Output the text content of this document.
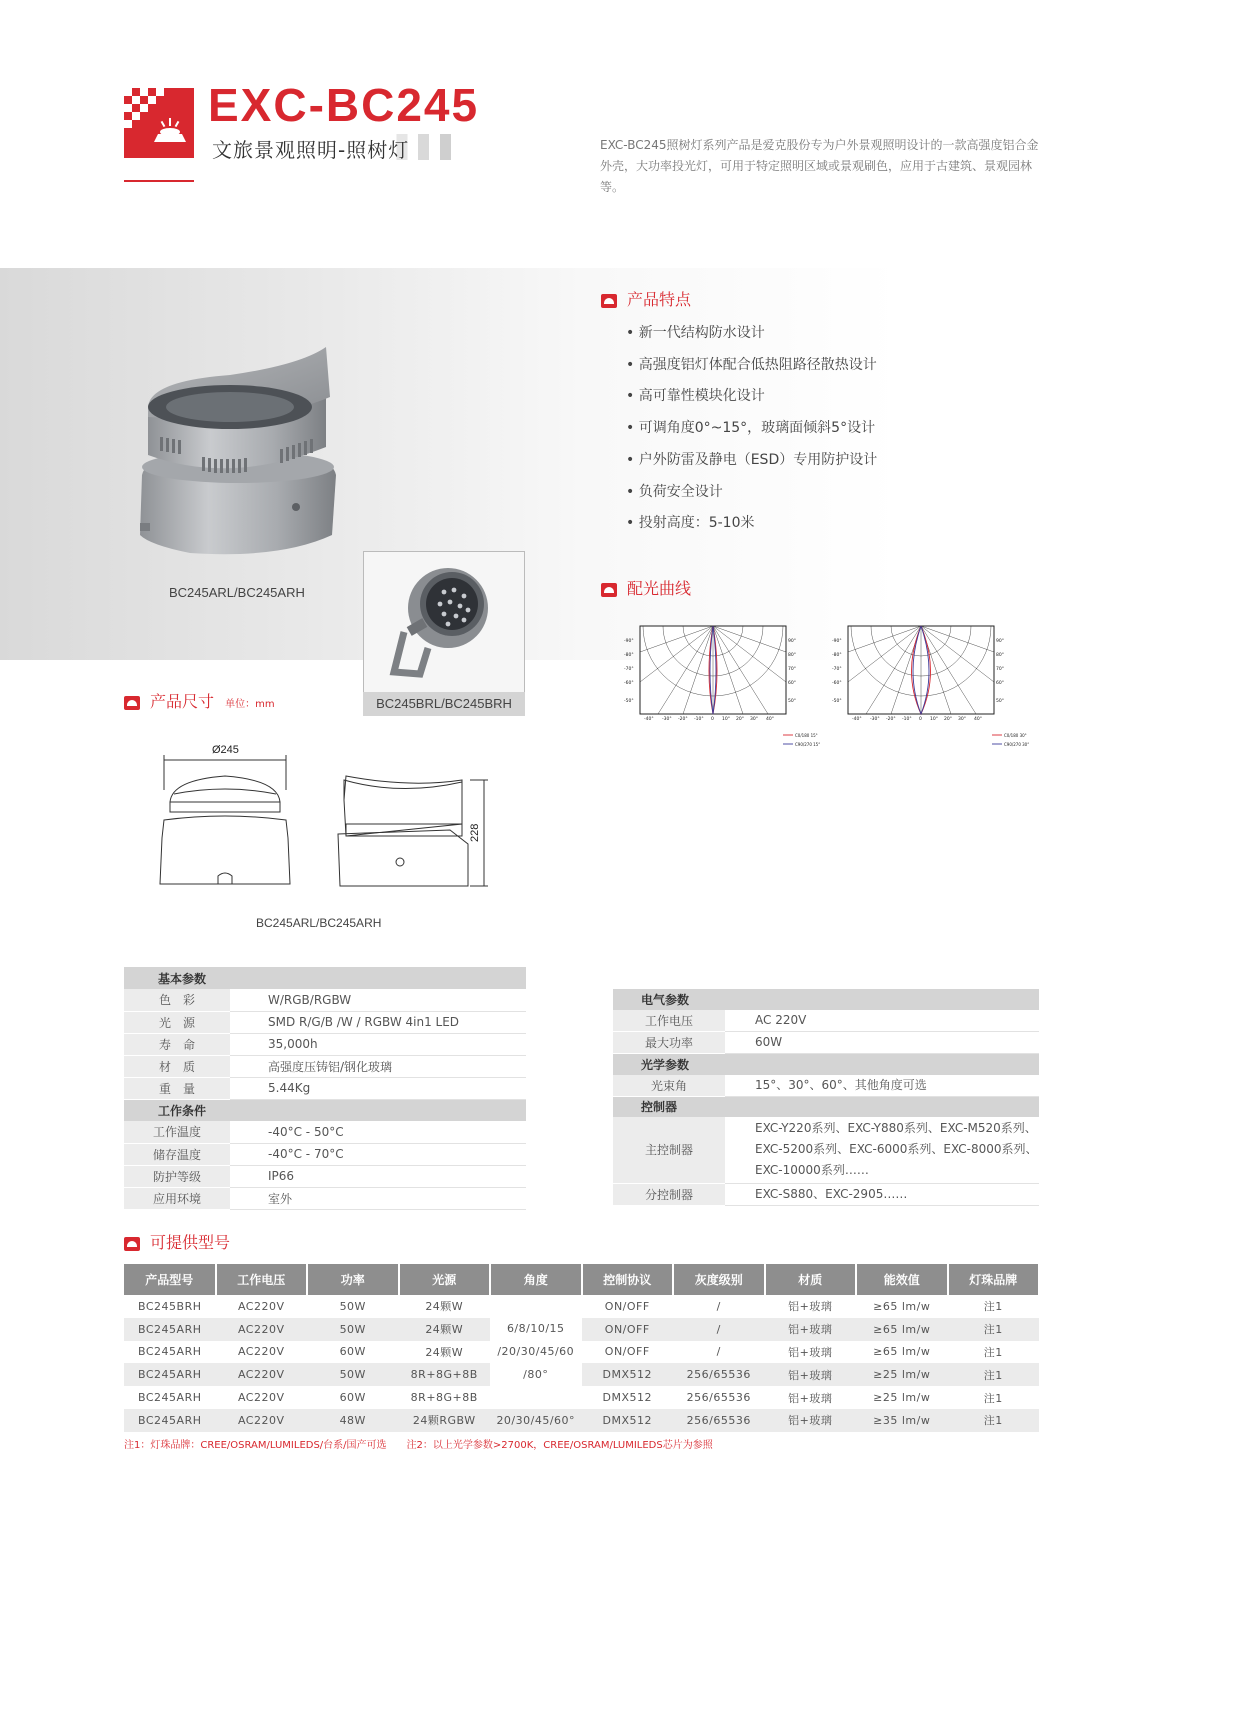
EXC-BC245
文旅景观照明-照树灯	EXC-BC245照树灯系列产品是爱克股份专为户外景观照明设计的一款高强度铝合金外壳，大功率投光灯，可用于特定照明区域或景观刷色，应用于古建筑、景观园林等。
BC245ARL/BC245ARH
BC245BRL/BC245BRH
产品特点
• 新一代结构防水设计
• 高强度铝灯体配合低热阻路径散热设计
• 高可靠性模块化设计
• 可调角度0°~15°，玻璃面倾斜5°设计
• 户外防雷及静电（ESD）专用防护设计
• 负荷安全设计
• 投射高度：5-10米
配光曲线
-90°
-80°
-70°
-60°
-50°
90°
80°
70°
60°
50°
-40° -30° -20° -10° 0 10° 20° 30° 40°
C0/180 15°
C90/270 15°
-90°
-80°
-70°
-60°
-50°
90°
80°
70°
60°
50°
-40° -30° -20° -10° 0 10° 20° 30° 40°
C0/180 30°
C90/270 30°
产品尺寸 单位：mm
Ø245
228
BC245ARL/BC245ARH
基本参数	
色　彩	W/RGB/RGBW
光　源	SMD R/G/B /W / RGBW 4in1 LED
寿　命	35,000h
材　质	高强度压铸铝/钢化玻璃
重　量	5.44Kg
工作条件	
工作温度	-40°C - 50°C
储存温度	-40°C - 70°C
防护等级	IP66
应用环境	室外
电气参数	
工作电压	AC 220V
最大功率	60W
光学参数	
光束角	15°、30°、60°、其他角度可选
控制器	
主控制器	EXC-Y220系列、EXC-Y880系列、EXC-M520系列、
EXC-5200系列、EXC-6000系列、EXC-8000系列、
EXC-10000系列……

分控制器	EXC-S880、EXC-2905……
可提供型号
产品型号	工作电压	功率	光源	角度	控制协议	灰度级别	材质	能效值	灯珠品牌
BC245BRH	AC220V	50W	24颗W	6/8/10/15
/20/30/45/60
/80°	ON/OFF	/	铝+玻璃	≥65 lm/w	注1
BC245ARH	AC220V	50W	24颗W		ON/OFF	/	铝+玻璃	≥65 lm/w	注1
BC245ARH	AC220V	60W	24颗W		ON/OFF	/	铝+玻璃	≥65 lm/w	注1
BC245ARH	AC220V	50W	8R+8G+8B		DMX512	256/65536	铝+玻璃	≥25 lm/w	注1
BC245ARH	AC220V	60W	8R+8G+8B		DMX512	256/65536	铝+玻璃	≥25 lm/w	注1
BC245ARH	AC220V	48W	24颗RGBW	20/30/45/60°	DMX512	256/65536	铝+玻璃	≥35 lm/w	注1
注1：灯珠品牌：CREE/OSRAM/LUMILEDS/台系/国产可选　　注2：以上光学参数>2700K，CREE/OSRAM/LUMILEDS芯片为参照
